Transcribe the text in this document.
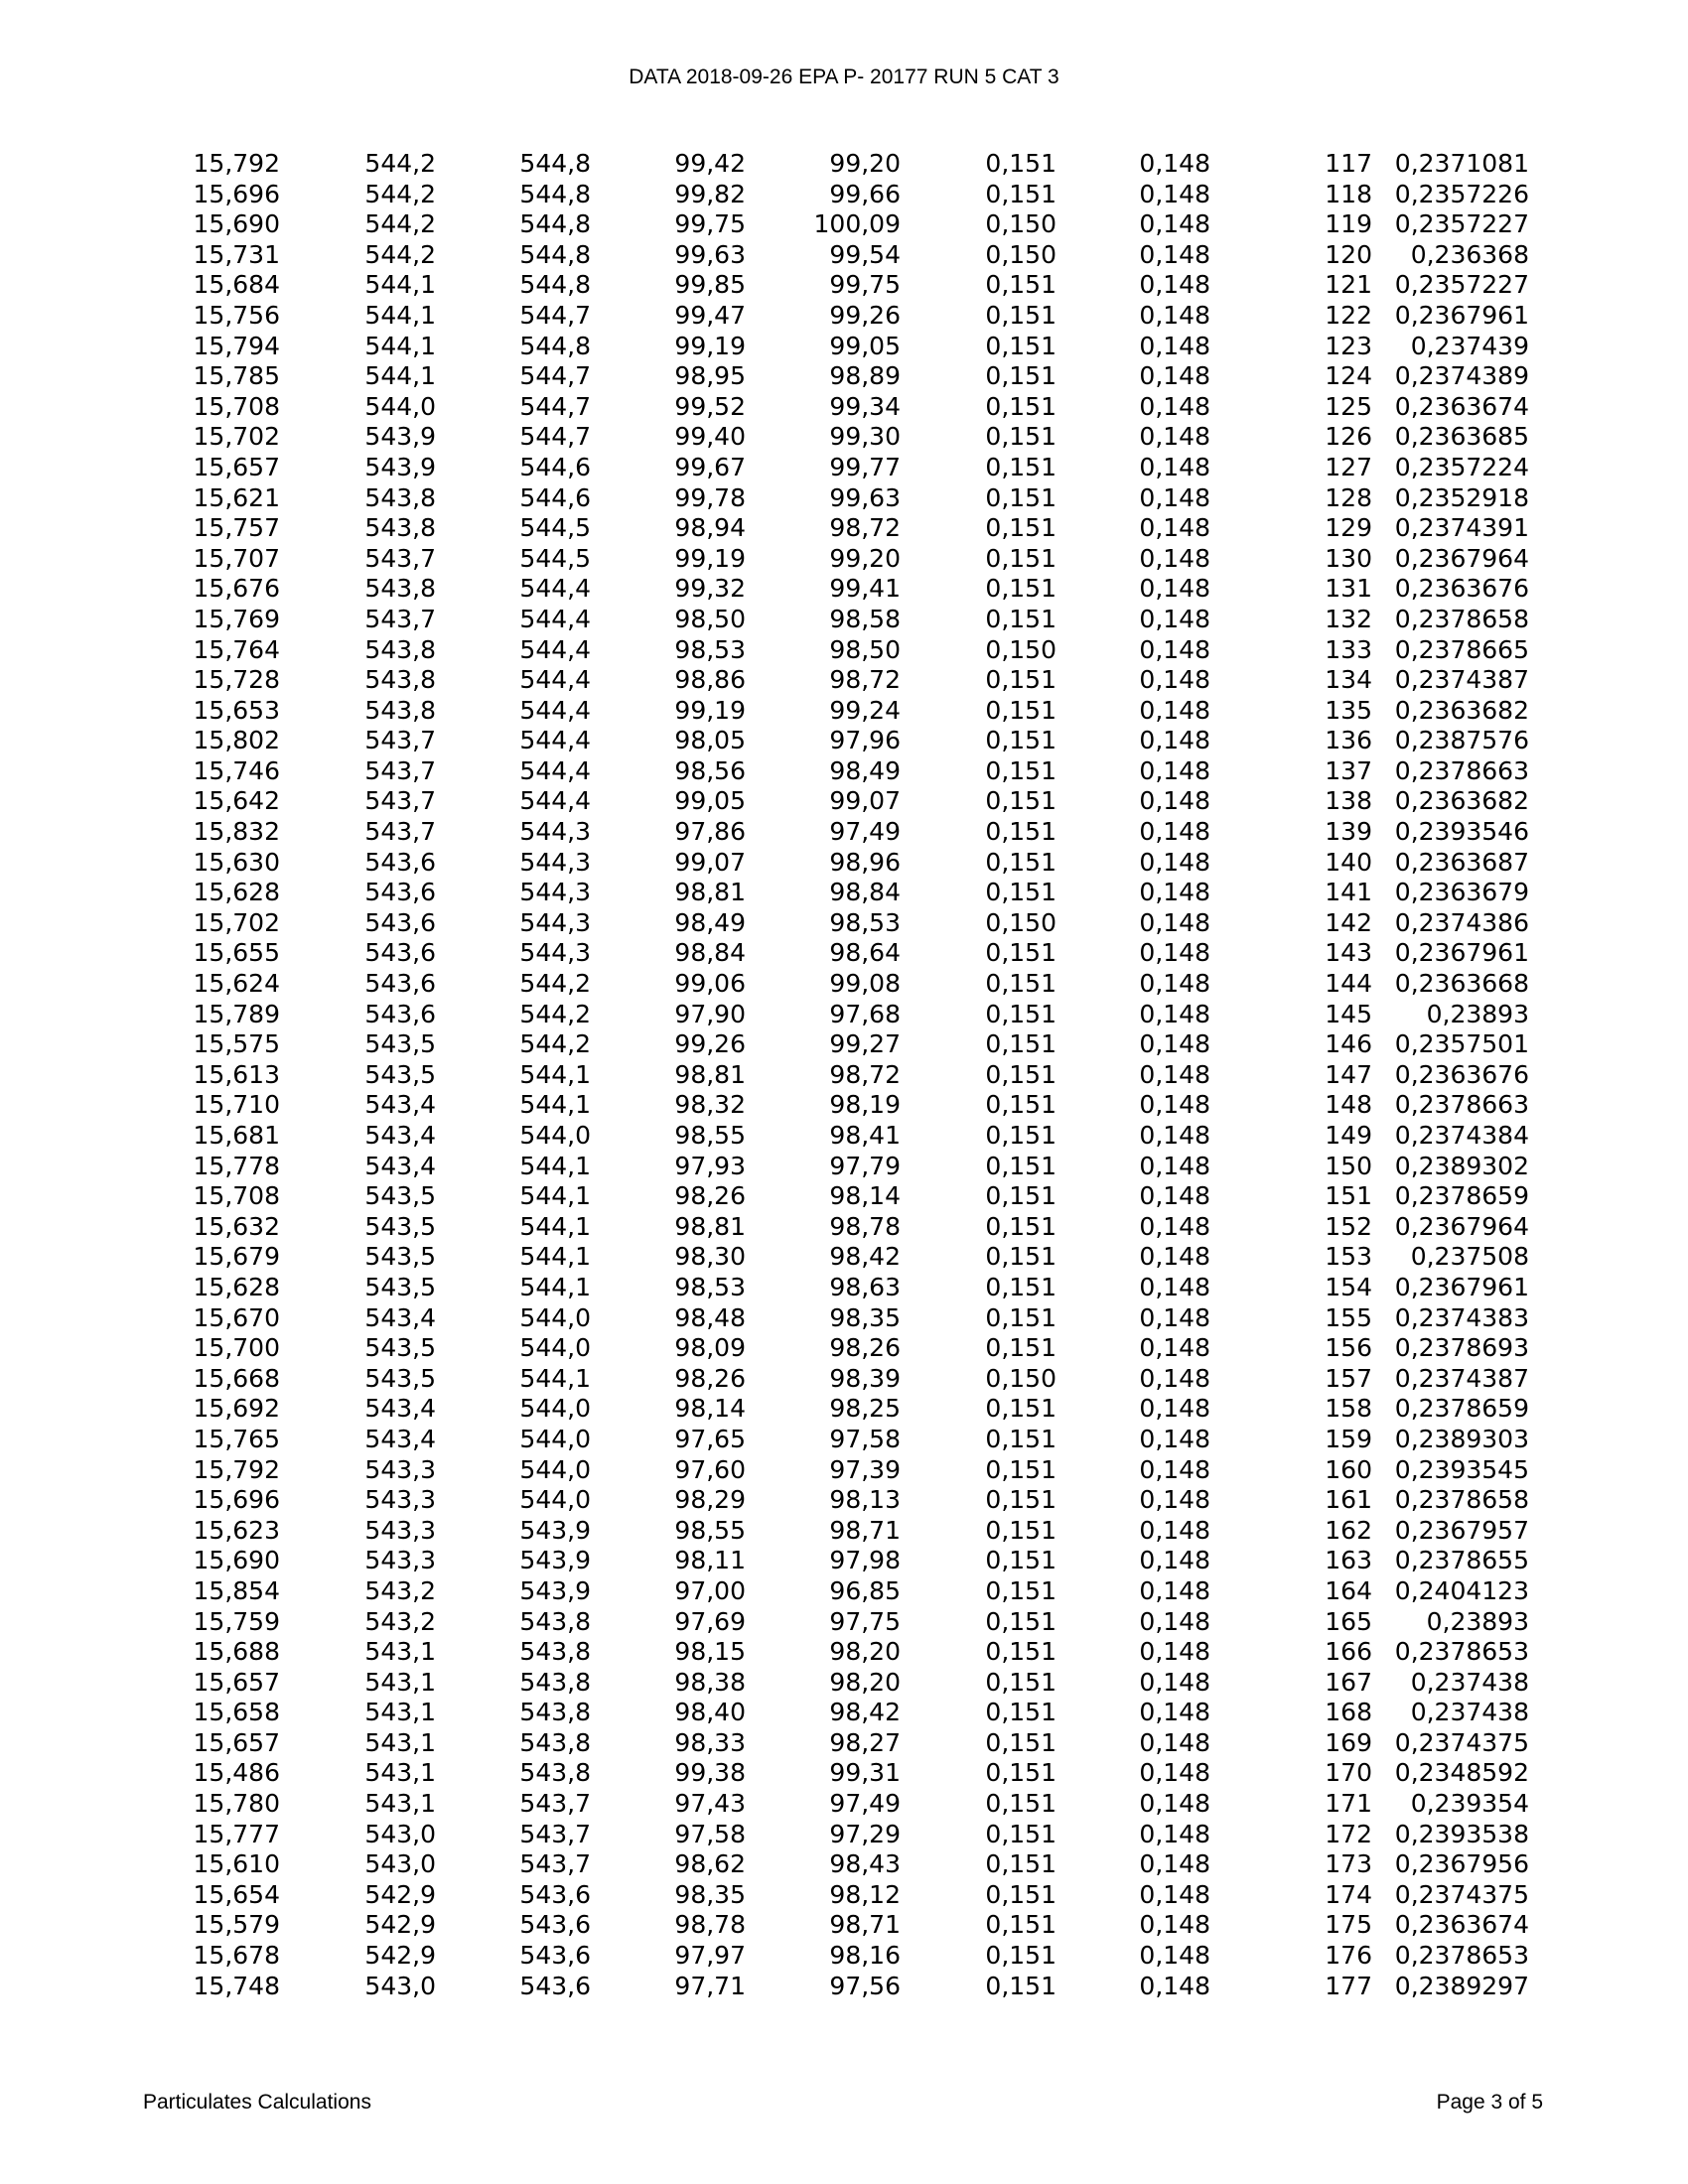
DATA 2018-09-26 EPA P- 20177 RUN 5 CAT 3
15,792	544,2	544,8	99,42	99,20	0,151	0,148	117	0,2371081
15,696	544,2	544,8	99,82	99,66	0,151	0,148	118	0,2357226
15,690	544,2	544,8	99,75	100,09	0,150	0,148	119	0,2357227
15,731	544,2	544,8	99,63	99,54	0,150	0,148	120	0,236368
15,684	544,1	544,8	99,85	99,75	0,151	0,148	121	0,2357227
15,756	544,1	544,7	99,47	99,26	0,151	0,148	122	0,2367961
15,794	544,1	544,8	99,19	99,05	0,151	0,148	123	0,237439
15,785	544,1	544,7	98,95	98,89	0,151	0,148	124	0,2374389
15,708	544,0	544,7	99,52	99,34	0,151	0,148	125	0,2363674
15,702	543,9	544,7	99,40	99,30	0,151	0,148	126	0,2363685
15,657	543,9	544,6	99,67	99,77	0,151	0,148	127	0,2357224
15,621	543,8	544,6	99,78	99,63	0,151	0,148	128	0,2352918
15,757	543,8	544,5	98,94	98,72	0,151	0,148	129	0,2374391
15,707	543,7	544,5	99,19	99,20	0,151	0,148	130	0,2367964
15,676	543,8	544,4	99,32	99,41	0,151	0,148	131	0,2363676
15,769	543,7	544,4	98,50	98,58	0,151	0,148	132	0,2378658
15,764	543,8	544,4	98,53	98,50	0,150	0,148	133	0,2378665
15,728	543,8	544,4	98,86	98,72	0,151	0,148	134	0,2374387
15,653	543,8	544,4	99,19	99,24	0,151	0,148	135	0,2363682
15,802	543,7	544,4	98,05	97,96	0,151	0,148	136	0,2387576
15,746	543,7	544,4	98,56	98,49	0,151	0,148	137	0,2378663
15,642	543,7	544,4	99,05	99,07	0,151	0,148	138	0,2363682
15,832	543,7	544,3	97,86	97,49	0,151	0,148	139	0,2393546
15,630	543,6	544,3	99,07	98,96	0,151	0,148	140	0,2363687
15,628	543,6	544,3	98,81	98,84	0,151	0,148	141	0,2363679
15,702	543,6	544,3	98,49	98,53	0,150	0,148	142	0,2374386
15,655	543,6	544,3	98,84	98,64	0,151	0,148	143	0,2367961
15,624	543,6	544,2	99,06	99,08	0,151	0,148	144	0,2363668
15,789	543,6	544,2	97,90	97,68	0,151	0,148	145	0,23893
15,575	543,5	544,2	99,26	99,27	0,151	0,148	146	0,2357501
15,613	543,5	544,1	98,81	98,72	0,151	0,148	147	0,2363676
15,710	543,4	544,1	98,32	98,19	0,151	0,148	148	0,2378663
15,681	543,4	544,0	98,55	98,41	0,151	0,148	149	0,2374384
15,778	543,4	544,1	97,93	97,79	0,151	0,148	150	0,2389302
15,708	543,5	544,1	98,26	98,14	0,151	0,148	151	0,2378659
15,632	543,5	544,1	98,81	98,78	0,151	0,148	152	0,2367964
15,679	543,5	544,1	98,30	98,42	0,151	0,148	153	0,237508
15,628	543,5	544,1	98,53	98,63	0,151	0,148	154	0,2367961
15,670	543,4	544,0	98,48	98,35	0,151	0,148	155	0,2374383
15,700	543,5	544,0	98,09	98,26	0,151	0,148	156	0,2378693
15,668	543,5	544,1	98,26	98,39	0,150	0,148	157	0,2374387
15,692	543,4	544,0	98,14	98,25	0,151	0,148	158	0,2378659
15,765	543,4	544,0	97,65	97,58	0,151	0,148	159	0,2389303
15,792	543,3	544,0	97,60	97,39	0,151	0,148	160	0,2393545
15,696	543,3	544,0	98,29	98,13	0,151	0,148	161	0,2378658
15,623	543,3	543,9	98,55	98,71	0,151	0,148	162	0,2367957
15,690	543,3	543,9	98,11	97,98	0,151	0,148	163	0,2378655
15,854	543,2	543,9	97,00	96,85	0,151	0,148	164	0,2404123
15,759	543,2	543,8	97,69	97,75	0,151	0,148	165	0,23893
15,688	543,1	543,8	98,15	98,20	0,151	0,148	166	0,2378653
15,657	543,1	543,8	98,38	98,20	0,151	0,148	167	0,237438
15,658	543,1	543,8	98,40	98,42	0,151	0,148	168	0,237438
15,657	543,1	543,8	98,33	98,27	0,151	0,148	169	0,2374375
15,486	543,1	543,8	99,38	99,31	0,151	0,148	170	0,2348592
15,780	543,1	543,7	97,43	97,49	0,151	0,148	171	0,239354
15,777	543,0	543,7	97,58	97,29	0,151	0,148	172	0,2393538
15,610	543,0	543,7	98,62	98,43	0,151	0,148	173	0,2367956
15,654	542,9	543,6	98,35	98,12	0,151	0,148	174	0,2374375
15,579	542,9	543,6	98,78	98,71	0,151	0,148	175	0,2363674
15,678	542,9	543,6	97,97	98,16	0,151	0,148	176	0,2378653
15,748	543,0	543,6	97,71	97,56	0,151	0,148	177	0,2389297
Particulates Calculations	Page 3 of 5
